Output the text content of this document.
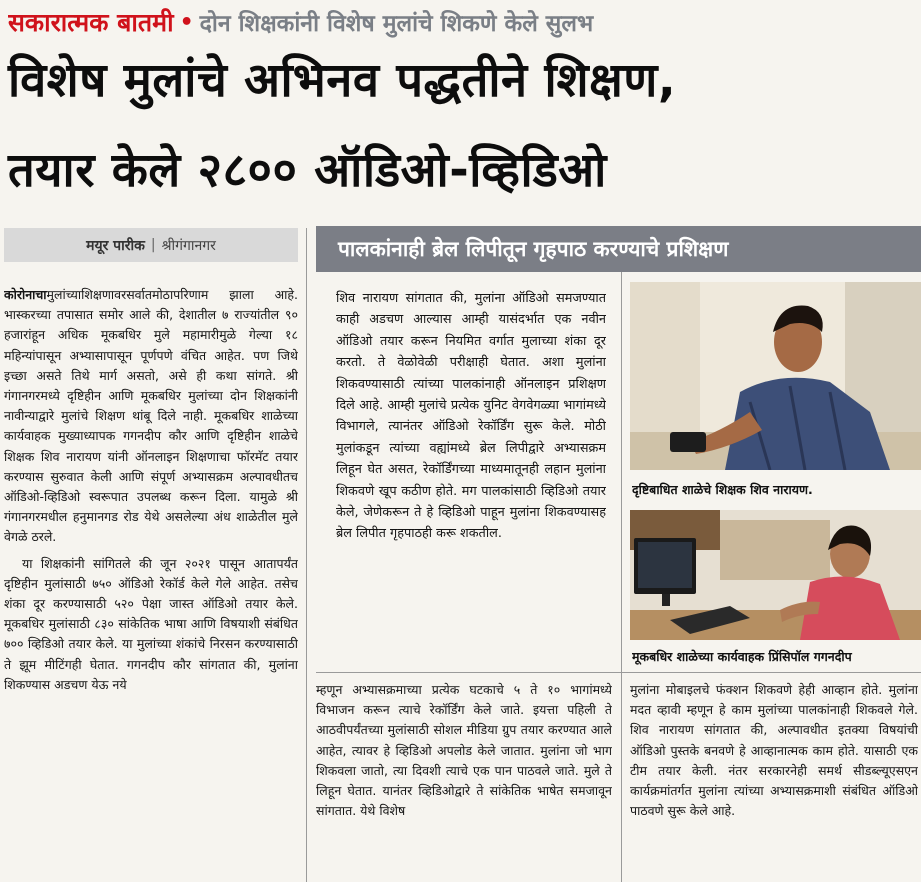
सकारात्मक बातमी • दोन शिक्षकांनी विशेष मुलांचे शिकणे केले सुलभ
विशेष मुलांचे अभिनव पद्धतीने शिक्षण,
तयार केले २८०० ऑडिओ-व्हिडिओ
मयूर पारीक | श्रीगंगानगर	पालकांनाही ब्रेल लिपीतून गृहपाठ करण्याचे प्रशिक्षण

कोरोनाचामुलांच्याशिक्षणावरसर्वातमोठापरिणाम झाला आहे. भास्करच्या तपासात समोर आले की, देशातील ७ राज्यांतील ९० हजारांहून अधिक मूकबधिर मुले महामारीमुळे गेल्या १८ महिन्यांपासून अभ्यासापासून पूर्णपणे वंचित आहेत. पण जिथे इच्छा असते तिथे मार्ग असतो, असे ही कथा सांगते. श्री गंगानगरमध्ये दृष्टिहीन आणि मूकबधिर मुलांच्या दोन शिक्षकांनी नावीन्याद्वारे मुलांचे शिक्षण थांबू दिले नाही. मूकबधिर शाळेच्या कार्यवाहक मुख्याध्यापक गगनदीप कौर आणि दृष्टिहीन शाळेचे शिक्षक शिव नारायण यांनी ऑनलाइन शिक्षणाचा फॉरमॅट तयार करण्यास सुरुवात केली आणि संपूर्ण अभ्यासक्रम अल्पावधीतच ऑडिओ-व्हिडिओ स्वरूपात उपलब्ध करून दिला. यामुळे श्री गंगानगरमधील हनुमानगड रोड येथे असलेल्या अंध शाळेतील मुले वेगळे ठरले.

या शिक्षकांनी सांगितले की जून २०२१ पासून आतापर्यंत दृष्टिहीन मुलांसाठी ७५० ऑडिओ रेकॉर्ड केले गेले आहेत. तसेच शंका दूर करण्यासाठी ५२० पेक्षा जास्त ऑडिओ तयार केले. मूकबधिर मुलांसाठी ८३० सांकेतिक भाषा आणि विषयाशी संबंधित ७०० व्हिडिओ तयार केले. या मुलांच्या शंकांचे निरसन करण्यासाठी ते झूम मीटिंगही घेतात. गगनदीप कौर सांगतात की, मुलांना शिकण्यास अडचण येऊ नये

शिव नारायण सांगतात की, मुलांना ऑडिओ समजण्यात काही अडचण आल्यास आम्ही यासंदर्भात एक नवीन ऑडिओ तयार करून नियमित वर्गात मुलाच्या शंका दूर करतो. ते वेळोवेळी परीक्षाही घेतात. अशा मुलांना शिकवण्यासाठी त्यांच्या पालकांनाही ऑनलाइन प्रशिक्षण दिले आहे. आम्ही मुलांचे प्रत्येक युनिट वेगवेगळ्या भागांमध्ये विभागले, त्यानंतर ऑडिओ रेकॉर्डिंग सुरू केले. मोठी मुलांकडून त्यांच्या वह्यांमध्ये ब्रेल लिपीद्वारे अभ्यासक्रम लिहून घेत असत, रेकॉर्डिंगच्या माध्यमातूनही लहान मुलांना शिकवणे खूप कठीण होते. मग पालकांसाठी व्हिडिओ तयार केले, जेणेकरून ते हे व्हिडिओ पाहून मुलांना शिकवण्यासह ब्रेल लिपीत गृहपाठही करू शकतील.

म्हणून अभ्यासक्रमाच्या प्रत्येक घटकाचे ५ ते १० भागांमध्ये विभाजन करून त्याचे रेकॉर्डिंग केले जाते. इयत्ता पहिली ते आठवीपर्यंतच्या मुलांसाठी सोशल मीडिया ग्रुप तयार करण्यात आले आहेत, त्यावर हे व्हिडिओ अपलोड केले जातात. मुलांना जो भाग शिकवला जातो, त्या दिवशी त्याचे एक पान पाठवले जाते. मुले ते लिहून घेतात. यानंतर व्हिडिओद्वारे ते सांकेतिक भाषेत समजावून सांगतात. येथे विशेष

मुलांना मोबाइलचे फंक्शन शिकवणे हेही आव्हान होते. मुलांना मदत व्हावी म्हणून हे काम मुलांच्या पालकांनाही शिकवले गेले. शिव नारायण सांगतात की, अल्पावधीत इतक्या विषयांची ऑडिओ पुस्तके बनवणे हे आव्हानात्मक काम होते. यासाठी एक टीम तयार केली. नंतर सरकारनेही समर्थ सीडब्ल्यूएसएन कार्यक्रमांतर्गत मुलांना त्यांच्या अभ्यासक्रमाशी संबंधित ऑडिओ पाठवणे सुरू केले आहे.

दृष्टिबाधित शाळेचे शिक्षक शिव नारायण.
मूकबधिर शाळेच्या कार्यवाहक प्रिंसिपॉल गगनदीप
